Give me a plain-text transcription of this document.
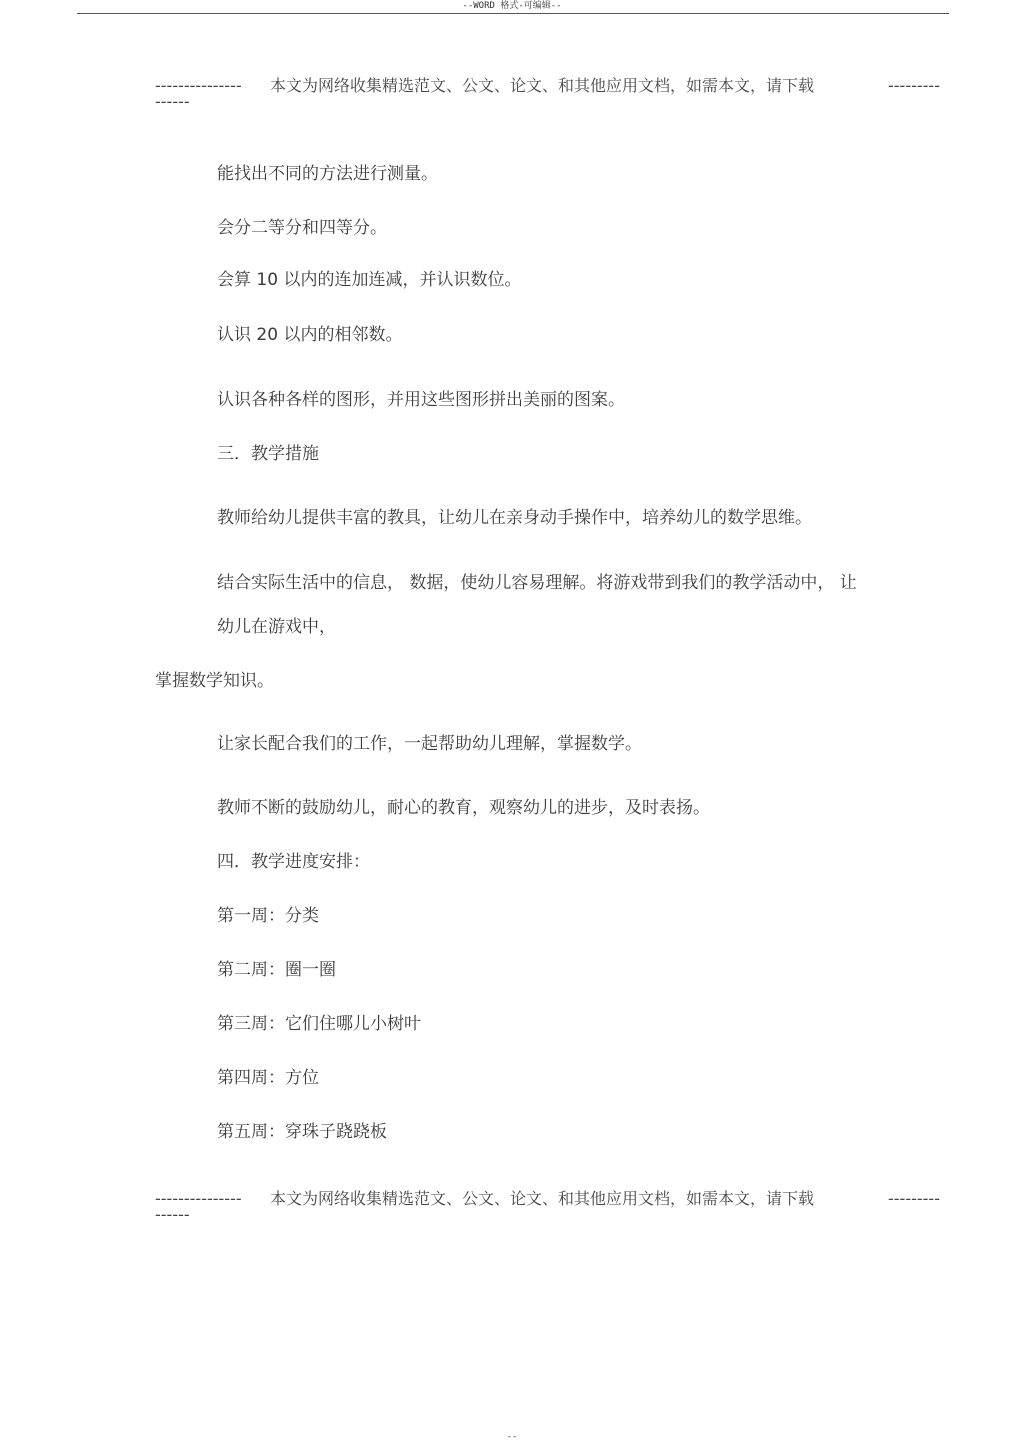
--WORD 格式-可编辑--
--------------- 本文为网络收集精选范文、公文、论文、和其他应用文档，如需本文，请下载	---------
------
能找出不同的方法进行测量。
会分二等分和四等分。
会算 10 以内的连加连减，并认识数位。
认识 20 以内的相邻数。
认识各种各样的图形，并用这些图形拼出美丽的图案。
三．教学措施
教师给幼儿提供丰富的教具，让幼儿在亲身动手操作中，培养幼儿的数学思维。
结合实际生活中的信息， 数据，使幼儿容易理解。将游戏带到我们的教学活动中， 让
幼儿在游戏中，
掌握数学知识。
让家长配合我们的工作，一起帮助幼儿理解，掌握数学。
教师不断的鼓励幼儿，耐心的教育，观察幼儿的进步，及时表扬。
四．教学进度安排：
第一周：分类
第二周：圈一圈
第三周：它们住哪儿小树叶
第四周：方位
第五周：穿珠子跷跷板
--------------- 本文为网络收集精选范文、公文、论文、和其他应用文档，如需本文，请下载	---------
------
--
